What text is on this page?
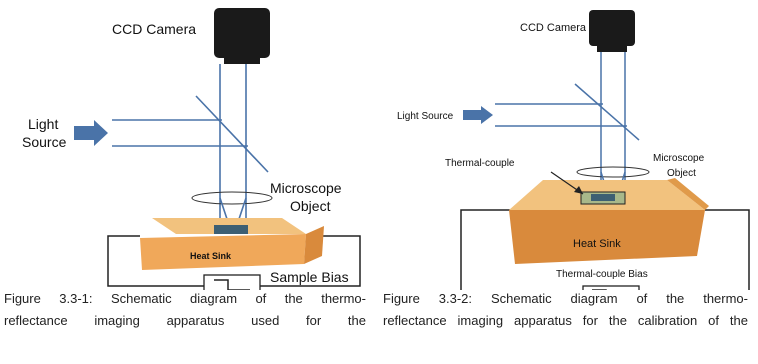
CCD Camera
Light
Source
Microscope
Object
Heat Sink
Sample Bias
Figure 3.3-1: Schematic diagram of the thermo-
reflectance imaging apparatus used for the
CCD Camera
Light Source
Microscope
Object
Heat Sink
Thermal-couple
Thermal-couple Bias
Figure 3.3-2: Schematic diagram of the thermo-
reflectance imaging apparatus for the calibration of the
